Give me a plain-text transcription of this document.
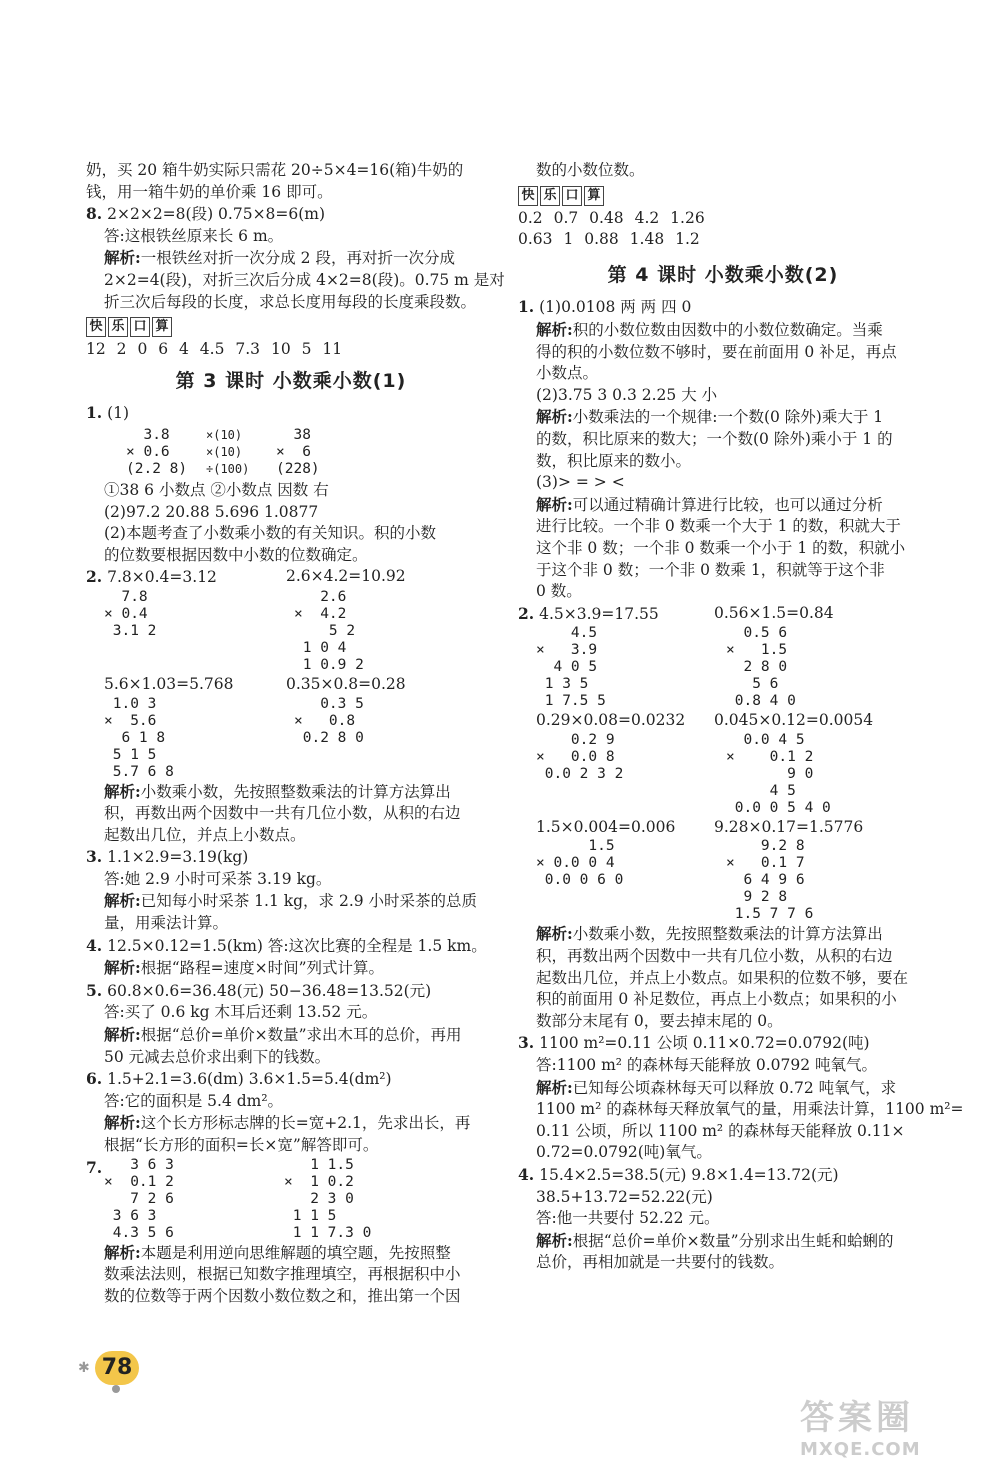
奶，买 20 箱牛奶实际只需花 20÷5×4=16(箱)牛奶的

钱，用一箱牛奶的单价乘 16 即可。

8. 2×2×2=8(段) 0.75×8=6(m)

答:这根铁丝原来长 6 m。

解析:一根铁丝对折一次分成 2 段，再对折一次分成

2×2=4(段)，对折三次后分成 4×2=8(段)。0.75 m 是对

折三次后每段的长度，求总长度用每段的长度乘段数。

快 乐 口 算

12 2 0 6 4 4.5 7.3 10 5 11

第 3 课时 小数乘小数(1)

1. (1)

3.8
× 0.6
(2.2 8)
×(10)
×(10)
÷(100)
38
×  6
(228)

①38 6 小数点 ②小数点 因数 右

(2)97.2 20.88 5.696 1.0877

(2)本题考查了小数乘小数的有关知识。积的小数

的位数要根据因数中小数的位数确定。

2. 7.8×0.4=3.12	2.6×4.2=10.92

7.8
× 0.4
3.1 2
2.6
×  4.2
5 2
1 0 4
1 0.9 2

5.6×1.03=5.768	0.35×0.8=0.28

1.0 3
×  5.6
6 1 8
5 1 5
5.7 6 8
0.3 5
×   0.8
0.2 8 0

解析:小数乘小数，先按照整数乘法的计算方法算出

积，再数出两个因数中一共有几位小数，从积的右边

起数出几位，并点上小数点。

3. 1.1×2.9=3.19(kg)

答:她 2.9 小时可采茶 3.19 kg。

解析:已知每小时采茶 1.1 kg，求 2.9 小时采茶的总质

量，用乘法计算。

4. 12.5×0.12=1.5(km) 答:这次比赛的全程是 1.5 km。

解析:根据“路程=速度×时间”列式计算。

5. 60.8×0.6=36.48(元) 50−36.48=13.52(元)

答:买了 0.6 kg 木耳后还剩 13.52 元。

解析:根据“总价=单价×数量”求出木耳的总价，再用

50 元减去总价求出剩下的钱数。

6. 1.5+2.1=3.6(dm) 3.6×1.5=5.4(dm²)

答:它的面积是 5.4 dm²。

解析:这个长方形标志牌的长=宽+2.1，先求出长，再

根据“长方形的面积=长×宽”解答即可。

7.	3 6 3
×  0.1 2
7 2 6
3 6 3
4.3 5 6
1 1.5
×  1 0.2
2 3 0
1 1 5
1 1 7.3 0

解析:本题是利用逆向思维解题的填空题，先按照整

数乘法法则，根据已知数字推理填空，再根据积中小

数的位数等于两个因数小数位数之和，推出第一个因

数的小数位数。

快 乐 口 算

0.2 0.7 0.48 4.2 1.26

0.63 1 0.88 1.48 1.2

第 4 课时 小数乘小数(2)

1. (1)0.0108 两 两 四 0

解析:积的小数位数由因数中的小数位数确定。当乘

得的积的小数位数不够时，要在前面用 0 补足，再点

小数点。

(2)3.75 3 0.3 2.25 大 小

解析:小数乘法的一个规律:一个数(0 除外)乘大于 1

的数，积比原来的数大；一个数(0 除外)乘小于 1 的

数，积比原来的数小。

(3)> = > <

解析:可以通过精确计算进行比较，也可以通过分析

进行比较。一个非 0 数乘一个大于 1 的数，积就大于

这个非 0 数；一个非 0 数乘一个小于 1 的数，积就小

于这个非 0 数；一个非 0 数乘 1，积就等于这个非

0 数。

2. 4.5×3.9=17.55	0.56×1.5=0.84

4.5
×   3.9
4 0 5
1 3 5
1 7.5 5
0.5 6
×   1.5
2 8 0
5 6
0.8 4 0

0.29×0.08=0.0232	0.045×0.12=0.0054

0.2 9
×   0.0 8
0.0 2 3 2
0.0 4 5
×    0.1 2
9 0
4 5
0.0 0 5 4 0

1.5×0.004=0.006	9.28×0.17=1.5776

1.5
× 0.0 0 4
0.0 0 6 0
9.2 8
×   0.1 7
6 4 9 6
9 2 8
1.5 7 7 6

解析:小数乘小数，先按照整数乘法的计算方法算出

积，再数出两个因数中一共有几位小数，从积的右边

起数出几位，并点上小数点。如果积的位数不够，要在

积的前面用 0 补足数位，再点上小数点；如果积的小

数部分末尾有 0，要去掉末尾的 0。

3. 1100 m²=0.11 公顷 0.11×0.72=0.0792(吨)

答:1100 m² 的森林每天能释放 0.0792 吨氧气。

解析:已知每公顷森林每天可以释放 0.72 吨氧气，求

1100 m² 的森林每天释放氧气的量，用乘法计算，1100 m²=

0.11 公顷，所以 1100 m² 的森林每天能释放 0.11×

0.72=0.0792(吨)氧气。

4. 15.4×2.5=38.5(元) 9.8×1.4=13.72(元)

38.5+13.72=52.22(元)

答:他一共要付 52.22 元。

解析:根据“总价=单价×数量”分别求出生蚝和蛤蜊的

总价，再相加就是一共要付的钱数。

✱ 78
答案圈
MXQE.COM
